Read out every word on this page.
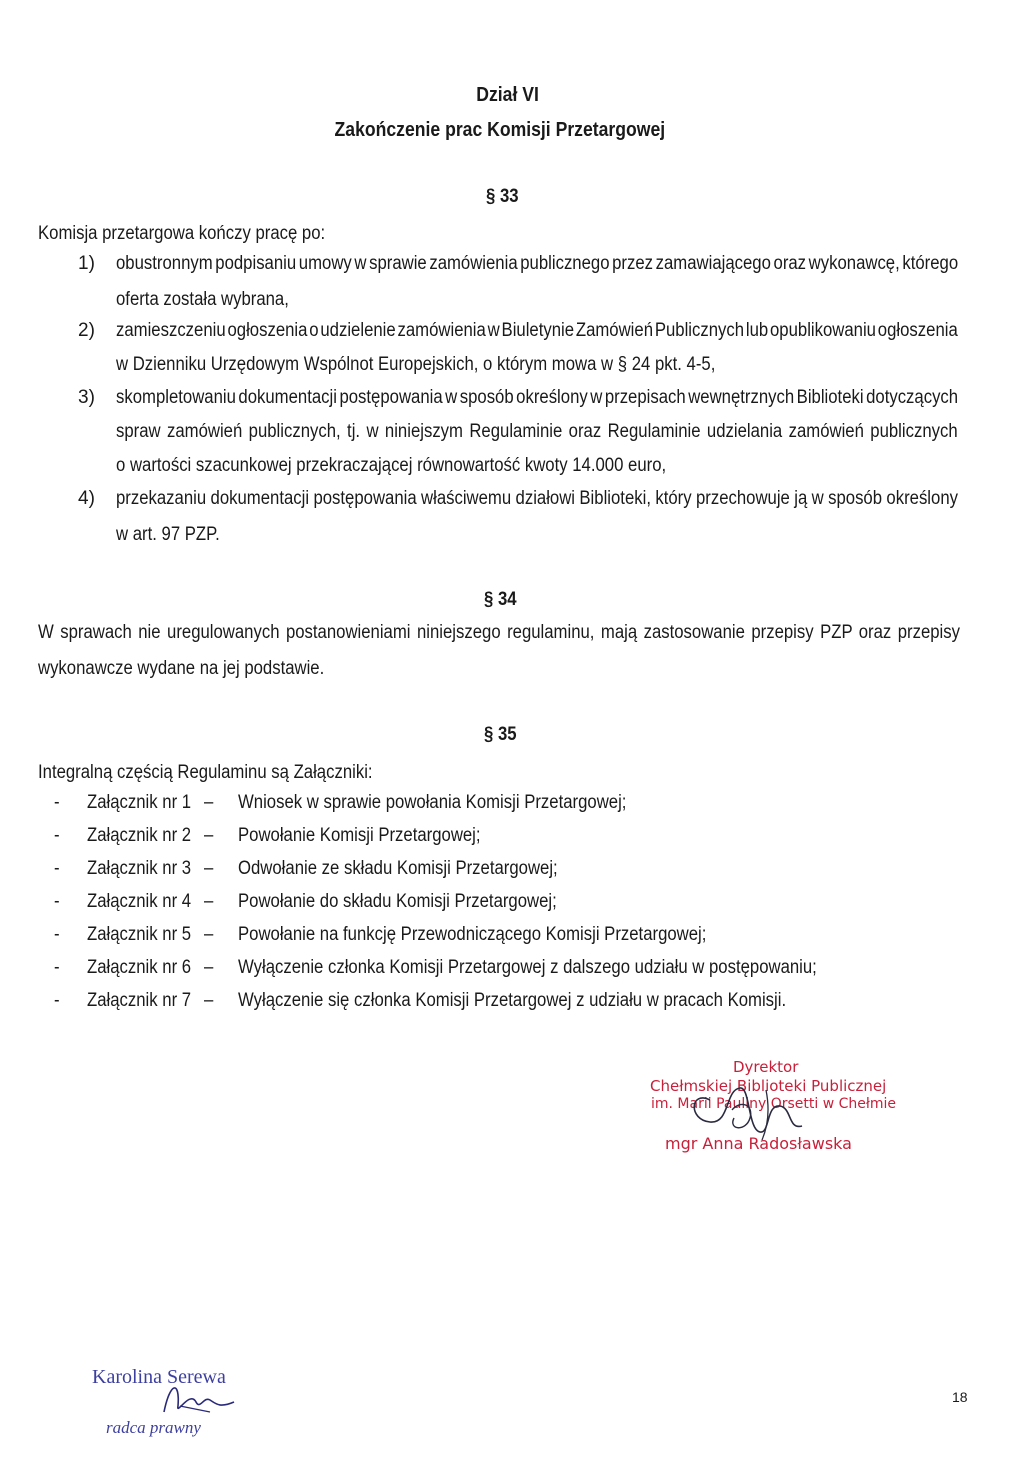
Dział VI
Zakończenie prac Komisji Przetargowej
§ 33
Komisja przetargowa kończy pracę po:
1) obustronnym podpisaniu umowy w sprawie zamówienia publicznego przez zamawiającego oraz wykonawcę, którego
oferta została wybrana,
2) zamieszczeniu ogłoszenia o udzielenie zamówienia w Biuletynie Zamówień Publicznych lub opublikowaniu ogłoszenia
w Dzienniku Urzędowym Wspólnot Europejskich, o którym mowa w § 24 pkt. 4-5,
3) skompletowaniu dokumentacji postępowania w sposób określony w przepisach wewnętrznych Biblioteki dotyczących
spraw zamówień publicznych, tj. w niniejszym Regulaminie oraz Regulaminie udzielania zamówień publicznych
o wartości szacunkowej przekraczającej równowartość kwoty 14.000 euro,
4) przekazaniu dokumentacji postępowania właściwemu działowi Biblioteki, który przechowuje ją w sposób określony
w art. 97 PZP.
§ 34
W sprawach nie uregulowanych postanowieniami niniejszego regulaminu, mają zastosowanie przepisy PZP oraz przepisy
wykonawcze wydane na jej podstawie.
§ 35
Integralną częścią Regulaminu są Załączniki:
- Załącznik nr 1 – Wniosek w sprawie powołania Komisji Przetargowej;
- Załącznik nr 2 – Powołanie Komisji Przetargowej;
- Załącznik nr 3 – Odwołanie ze składu Komisji Przetargowej;
- Załącznik nr 4 – Powołanie do składu Komisji Przetargowej;
- Załącznik nr 5 – Powołanie na funkcję Przewodniczącego Komisji Przetargowej;
- Załącznik nr 6 – Wyłączenie członka Komisji Przetargowej z dalszego udziału w postępowaniu;
- Załącznik nr 7 – Wyłączenie się członka Komisji Przetargowej z udziału w pracach Komisji.
Dyrektor
Chełmskiej Biblioteki Publicznej
im. Marii Pauliny Orsetti w Chełmie
mgr Anna Radosławska
Karolina Serewa
radca prawny
18
